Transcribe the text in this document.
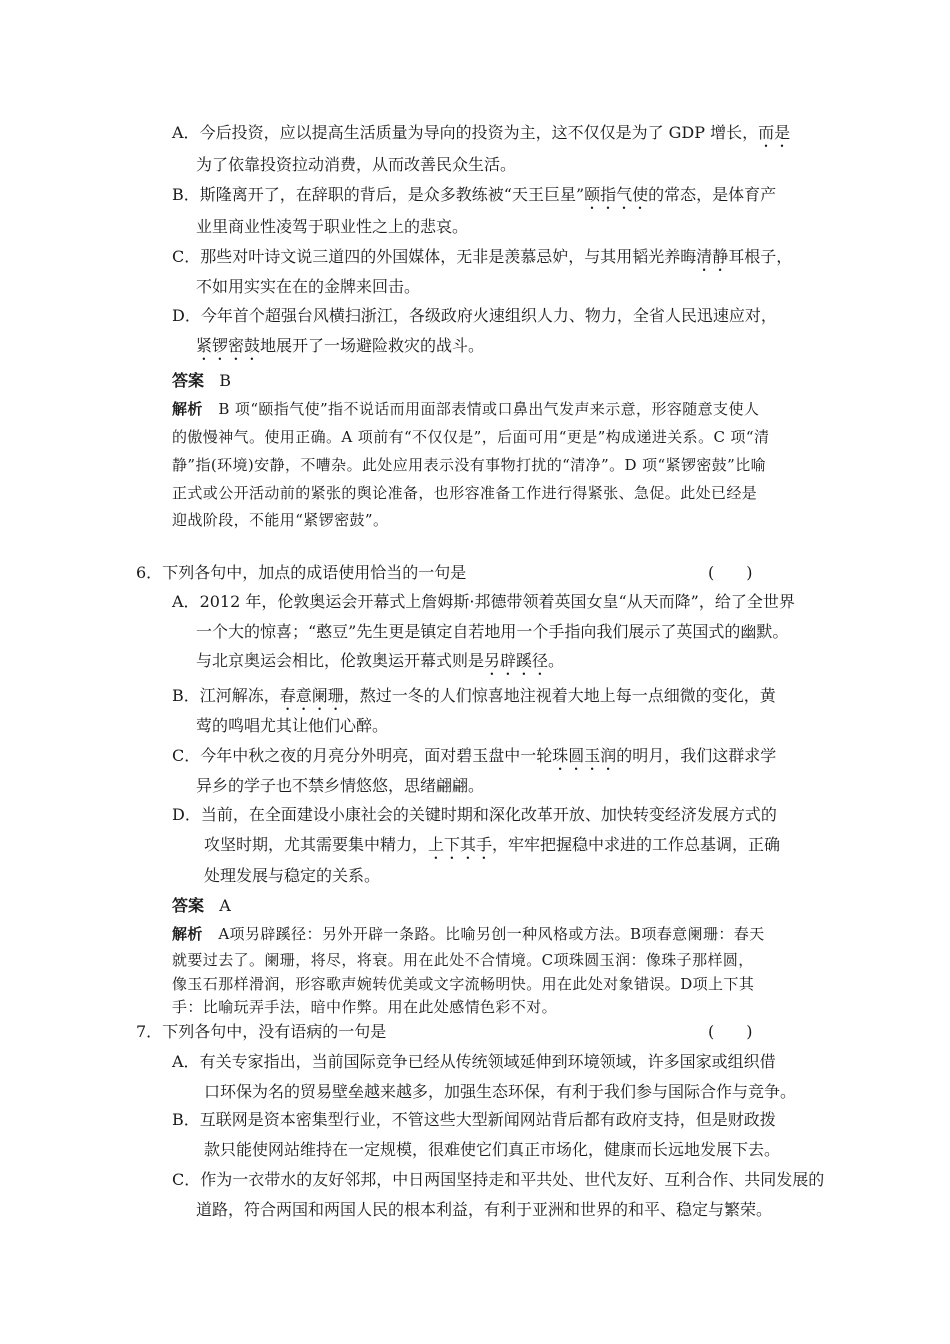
A．今后投资，应以提高生活质量为导向的投资为主，这不仅仅是为了 GDP 增长，而是
为了依靠投资拉动消费，从而改善民众生活。
B．斯隆离开了，在辞职的背后，是众多教练被“天王巨星”颐指气使的常态，是体育产
业里商业性凌驾于职业性之上的悲哀。
C．那些对叶诗文说三道四的外国媒体，无非是羡慕忌妒，与其用韬光养晦清静耳根子，
不如用实实在在的金牌来回击。
D．今年首个超强台风横扫浙江，各级政府火速组织人力、物力，全省人民迅速应对，
紧锣密鼓地展开了一场避险救灾的战斗。
答案 B
解析 B 项“颐指气使”指不说话而用面部表情或口鼻出气发声来示意，形容随意支使人
的傲慢神气。使用正确。A 项前有“不仅仅是”，后面可用“更是”构成递进关系。C 项“清
静”指(环境)安静，不嘈杂。此处应用表示没有事物打扰的“清净”。D 项“紧锣密鼓”比喻
正式或公开活动前的紧张的舆论准备，也形容准备工作进行得紧张、急促。此处已经是
迎战阶段，不能用“紧锣密鼓”。
6．下列各句中，加点的成语使用恰当的一句是	(　　)
A．2012 年，伦敦奥运会开幕式上詹姆斯·邦德带领着英国女皇“从天而降”，给了全世界
一个大的惊喜；“憨豆”先生更是镇定自若地用一个手指向我们展示了英国式的幽默。
与北京奥运会相比，伦敦奥运开幕式则是另辟蹊径。
B．江河解冻，春意阑珊，熬过一冬的人们惊喜地注视着大地上每一点细微的变化，黄
莺的鸣唱尤其让他们心醉。
C．今年中秋之夜的月亮分外明亮，面对碧玉盘中一轮珠圆玉润的明月，我们这群求学
异乡的学子也不禁乡情悠悠，思绪翩翩。
D．当前，在全面建设小康社会的关键时期和深化改革开放、加快转变经济发展方式的
攻坚时期，尤其需要集中精力，上下其手，牢牢把握稳中求进的工作总基调，正确
处理发展与稳定的关系。
答案 A
解析 A项另辟蹊径：另外开辟一条路。比喻另创一种风格或方法。B项春意阑珊：春天
就要过去了。阑珊，将尽，将衰。用在此处不合情境。C项珠圆玉润：像珠子那样圆，
像玉石那样滑润，形容歌声婉转优美或文字流畅明快。用在此处对象错误。D项上下其
手：比喻玩弄手法，暗中作弊。用在此处感情色彩不对。
7．下列各句中，没有语病的一句是	(　　)
A．有关专家指出，当前国际竞争已经从传统领域延伸到环境领域，许多国家或组织借
口环保为名的贸易壁垒越来越多，加强生态环保，有利于我们参与国际合作与竞争。
B．互联网是资本密集型行业，不管这些大型新闻网站背后都有政府支持，但是财政拨
款只能使网站维持在一定规模，很难使它们真正市场化，健康而长远地发展下去。
C．作为一衣带水的友好邻邦，中日两国坚持走和平共处、世代友好、互利合作、共同发展的
道路，符合两国和两国人民的根本利益，有利于亚洲和世界的和平、稳定与繁荣。
